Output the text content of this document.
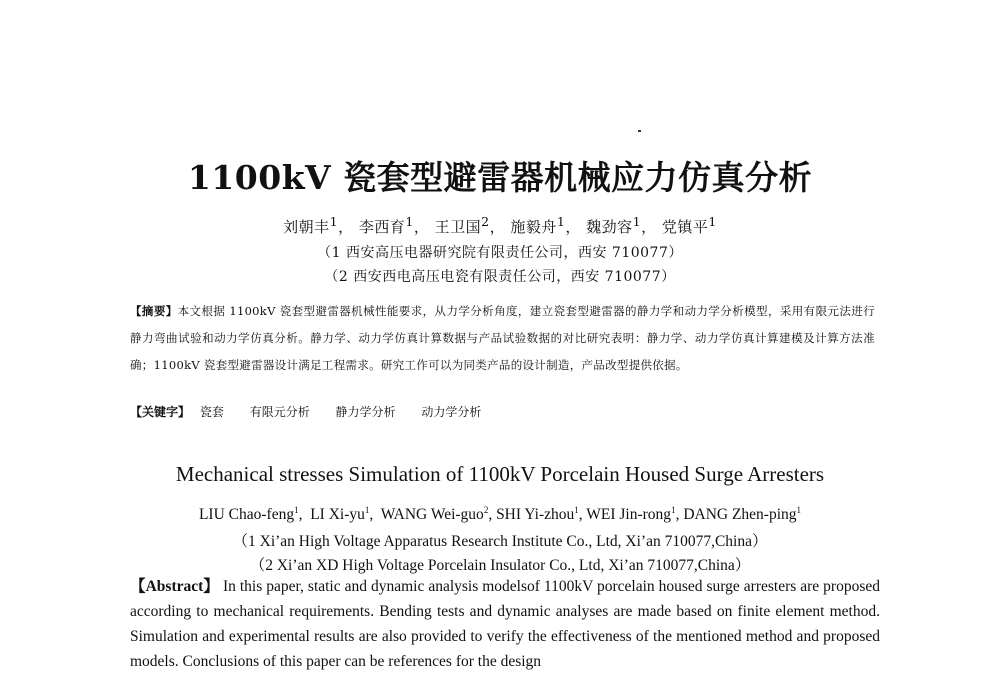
1100kV 瓷套型避雷器机械应力仿真分析
刘朝丰$^1$， 李西育$^1$， 王卫国$^2$， 施毅舟$^1$， 魏劲容$^1$， 党镇平$^1$
（1 西安高压电器研究院有限责任公司，西安 710077）
（2 西安西电高压电瓷有限责任公司，西安 710077）
【摘要】本文根据 1100kV 瓷套型避雷器机械性能要求，从力学分析角度，建立瓷套型避雷器的静力学和动力学分析模型，采用有限元法进行静力弯曲试验和动力学仿真分析。静力学、动力学仿真计算数据与产品试验数据的对比研究表明：静力学、动力学仿真计算建模及计算方法准确；1100kV 瓷套型避雷器设计满足工程需求。研究工作可以为同类产品的设计制造，产品改型提供依据。
【关键字】 瓷套 有限元分析 静力学分析 动力学分析
Mechanical stresses Simulation of 1100kV Porcelain Housed Surge Arresters
LIU Chao-feng$^1$,  LI $Xi-yu^1$,  WANG Wei-guo$^2$, SHI Yi-zhou$^1$, WEI Jin-rong$^1$, DANG Zhen-ping$^1$
（1 Xi’an High Voltage Apparatus Research Institute Co., Ltd, Xi’an 710077,China）
（2 Xi’an XD High Voltage Porcelain Insulator Co., Ltd, Xi’an 710077,China）
【Abstract】 In this paper, static and dynamic analysis modelsof 1100kV porcelain housed surge arresters are proposed according to mechanical requirements. Bending tests and dynamic analyses are made based on finite element method. Simulation and experimental results are also provided to verify the effectiveness of the mentioned method and proposed models. Conclusions of this paper can be references for the design
